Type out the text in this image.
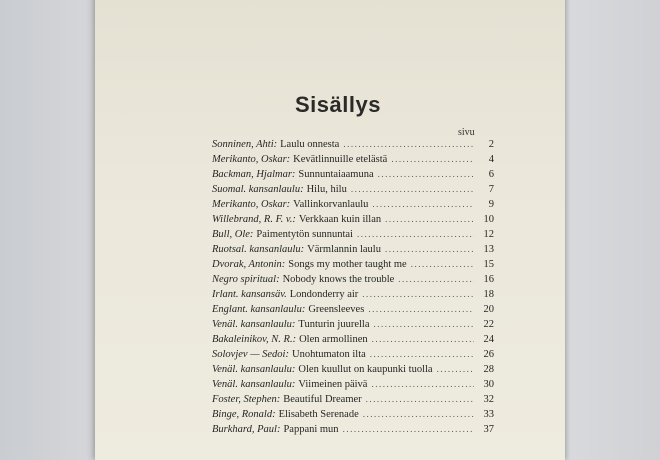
Sisällys
sivu
Sonninen, Ahti: Laulu onnesta .....	2
Merikanto, Oskar: Kevätlinnuille etelästä .....	4
Backman, Hjalmar: Sunnuntaiaamuna .....	6
Suomal. kansanlaulu: Hilu, hilu .....	7
Merikanto, Oskar: Vallinkorvanlaulu .....	9
Willebrand, R. F. v.: Verkkaan kuin illan .....	10
Bull, Ole: Paimentytön sunnuntai .....	12
Ruotsal. kansanlaulu: Värmlannin laulu .....	13
Dvorak, Antonin: Songs my mother taught me .....	15
Negro spiritual: Nobody knows the trouble .....	16
Irlant. kansansäv. Londonderry air .....	18
Englant. kansanlaulu: Greensleeves .....	20
Venäl. kansanlaulu: Tunturin juurella .....	22
Bakaleinikov, N. R.: Olen armollinen .....	24
Solovjev — Sedoi: Unohtumaton ilta .....	26
Venäl. kansanlaulu: Olen kuullut on kaupunki tuolla .....	28
Venäl. kansanlaulu: Viimeinen päivä .....	30
Foster, Stephen: Beautiful Dreamer .....	32
Binge, Ronald: Elisabeth Serenade .....	33
Burkhard, Paul: Pappani mun .....	37
